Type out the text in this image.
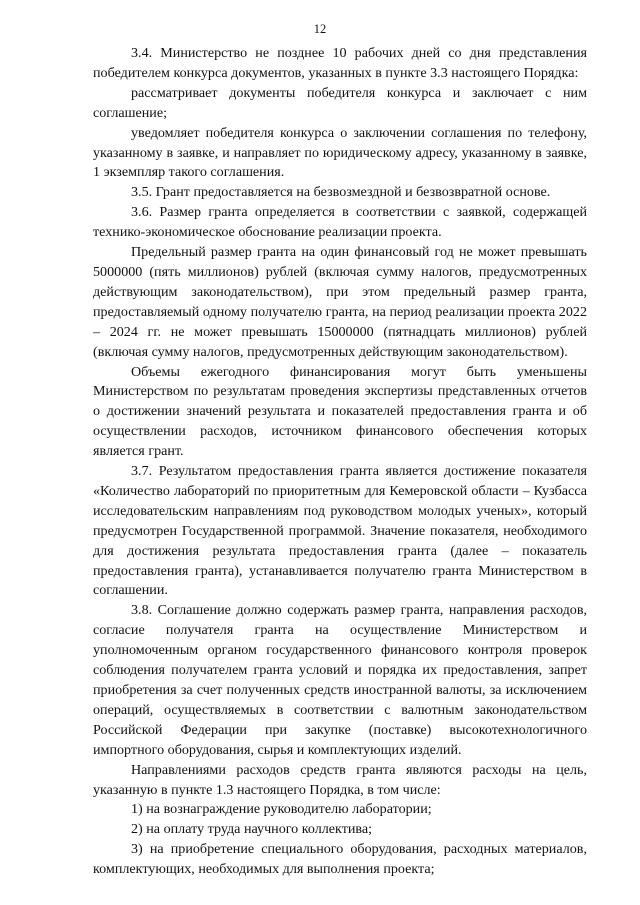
12

3.4. Министерство не позднее 10 рабочих дней со дня представления победителем конкурса документов, указанных в пункте 3.3 настоящего Порядка:

рассматривает документы победителя конкурса и заключает с ним соглашение;

уведомляет победителя конкурса о заключении соглашения по телефону, указанному в заявке, и направляет по юридическому адресу, указанному в заявке, 1 экземпляр такого соглашения.

3.5. Грант предоставляется на безвозмездной и безвозвратной основе.

3.6. Размер гранта определяется в соответствии с заявкой, содержащей технико-экономическое обоснование реализации проекта.

Предельный размер гранта на один финансовый год не может превышать 5000000 (пять миллионов) рублей (включая сумму налогов, предусмотренных действующим законодательством), при этом предельный размер гранта, предоставляемый одному получателю гранта, на период реализации проекта 2022 – 2024 гг. не может превышать 15000000 (пятнадцать миллионов) рублей (включая сумму налогов, предусмотренных действующим законодательством).

Объемы ежегодного финансирования могут быть уменьшены Министерством по результатам проведения экспертизы представленных отчетов о достижении значений результата и показателей предоставления гранта и об осуществлении расходов, источником финансового обеспечения которых является грант.

3.7. Результатом предоставления гранта является достижение показателя «Количество лабораторий по приоритетным для Кемеровской области – Кузбасса исследовательским направлениям под руководством молодых ученых», который предусмотрен Государственной программой. Значение показателя, необходимого для достижения результата предоставления гранта (далее – показатель предоставления гранта), устанавливается получателю гранта Министерством в соглашении.

3.8. Соглашение должно содержать размер гранта, направления расходов, согласие получателя гранта на осуществление Министерством и уполномоченным органом государственного финансового контроля проверок соблюдения получателем гранта условий и порядка их предоставления, запрет приобретения за счет полученных средств иностранной валюты, за исключением операций, осуществляемых в соответствии с валютным законодательством Российской Федерации при закупке (поставке) высокотехнологичного импортного оборудования, сырья и комплектующих изделий.

Направлениями расходов средств гранта являются расходы на цель, указанную в пункте 1.3 настоящего Порядка, в том числе:

1) на вознаграждение руководителю лаборатории;

2) на оплату труда научного коллектива;

3) на приобретение специального оборудования, расходных материалов, комплектующих, необходимых для выполнения проекта;
